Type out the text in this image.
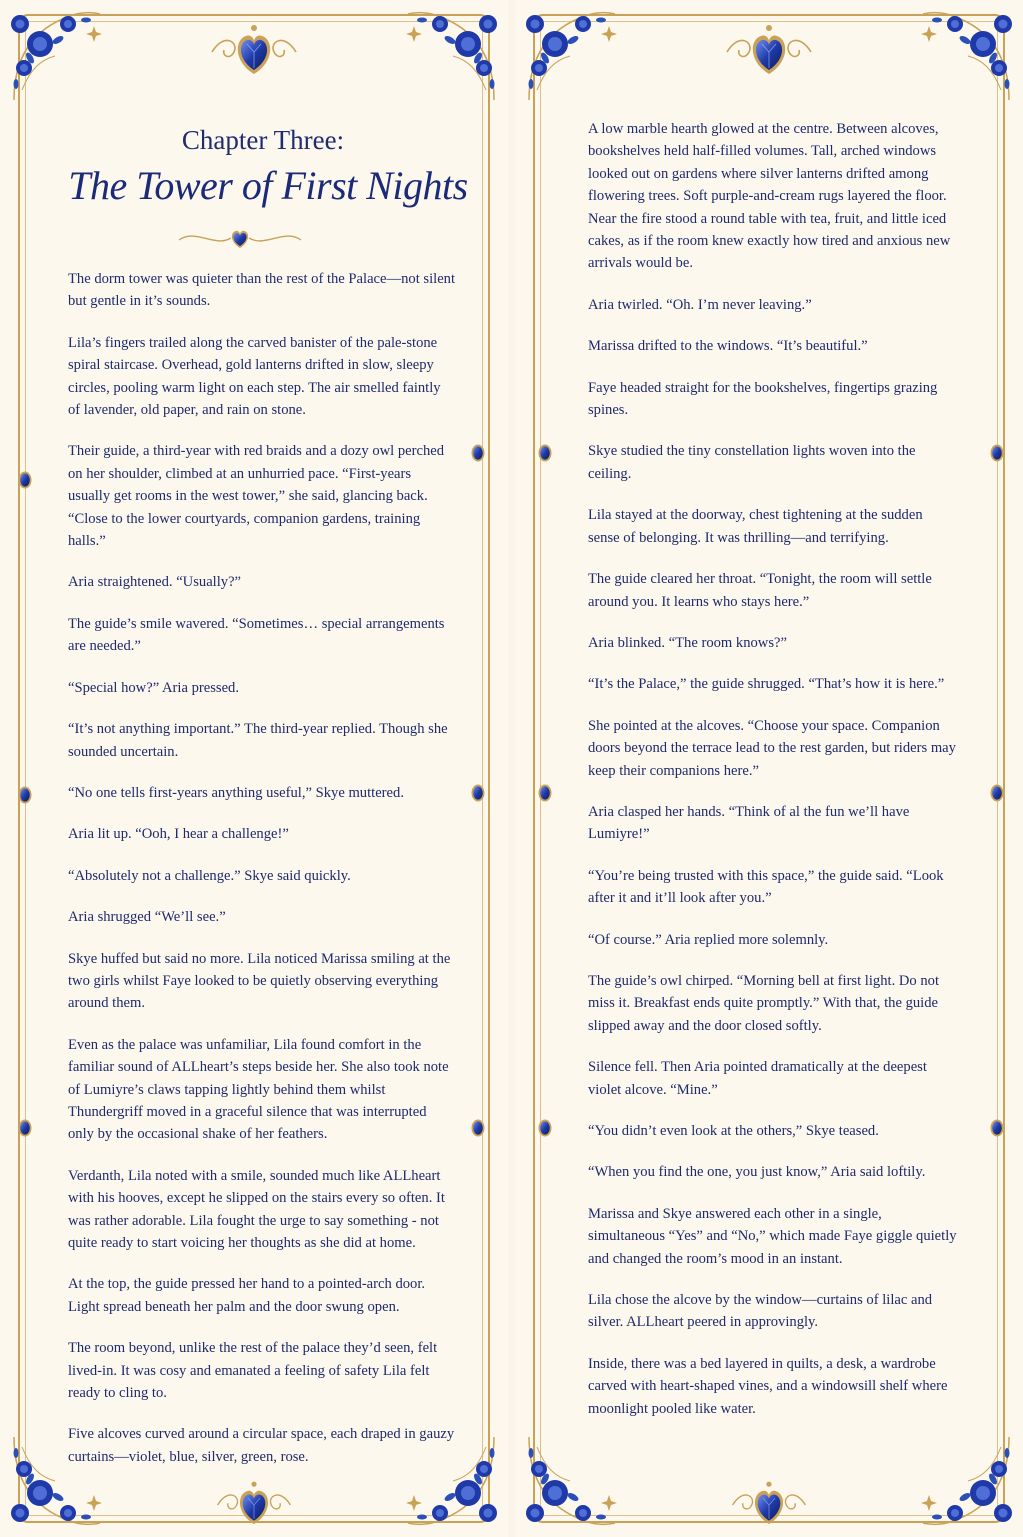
Chapter Three:
The Tower of First Nights

The dorm tower was quieter than the rest of the Palace—not silent but gentle in it’s sounds.

Lila’s fingers trailed along the carved banister of the pale-stone spiral staircase. Overhead, gold lanterns drifted in slow, sleepy circles, pooling warm light on each step. The air smelled faintly of lavender, old paper, and rain on stone.

Their guide, a third-year with red braids and a dozy owl perched on her shoulder, climbed at an unhurried pace. “First-years usually get rooms in the west tower,” she said, glancing back. “Close to the lower courtyards, companion gardens, training halls.”

Aria straightened. “Usually?”

The guide’s smile wavered. “Sometimes… special arrangements are needed.”

“Special how?” Aria pressed.

“It’s not anything important.” The third-year replied. Though she sounded uncertain.

“No one tells first-years anything useful,” Skye muttered.

Aria lit up. “Ooh, I hear a challenge!”

“Absolutely not a challenge.” Skye said quickly.

Aria shrugged “We’ll see.”

Skye huffed but said no more. Lila noticed Marissa smiling at the two girls whilst Faye looked to be quietly observing everything around them.

Even as the palace was unfamiliar, Lila found comfort in the familiar sound of ALLheart’s steps beside her. She also took note of Lumiyre’s claws tapping lightly behind them whilst Thundergriff moved in a graceful silence that was interrupted only by the occasional shake of her feathers.

Verdanth, Lila noted with a smile, sounded much like ALLheart with his hooves, except he slipped on the stairs every so often. It was rather adorable. Lila fought the urge to say something - not quite ready to start voicing her thoughts as she did at home.

At the top, the guide pressed her hand to a pointed-arch door. Light spread beneath her palm and the door swung open.

The room beyond, unlike the rest of the palace they’d seen, felt lived-in. It was cosy and emanated a feeling of safety Lila felt ready to cling to.

Five alcoves curved around a circular space, each draped in gauzy curtains—violet, blue, silver, green, rose.

A low marble hearth glowed at the centre. Between alcoves, bookshelves held half-filled volumes. Tall, arched windows looked out on gardens where silver lanterns drifted among flowering trees. Soft purple-and-cream rugs layered the floor. Near the fire stood a round table with tea, fruit, and little iced cakes, as if the room knew exactly how tired and anxious new arrivals would be.

Aria twirled. “Oh. I’m never leaving.”

Marissa drifted to the windows. “It’s beautiful.”

Faye headed straight for the bookshelves, fingertips grazing spines.

Skye studied the tiny constellation lights woven into the ceiling.

Lila stayed at the doorway, chest tightening at the sudden sense of belonging. It was thrilling—and terrifying.

The guide cleared her throat. “Tonight, the room will settle around you. It learns who stays here.”

Aria blinked. “The room knows?”

“It’s the Palace,” the guide shrugged. “That’s how it is here.”

She pointed at the alcoves. “Choose your space. Companion doors beyond the terrace lead to the rest garden, but riders may keep their companions here.”

Aria clasped her hands. “Think of al the fun we’ll have Lumiyre!”

“You’re being trusted with this space,” the guide said. “Look after it and it’ll look after you.”

“Of course.” Aria replied more solemnly.

The guide’s owl chirped. “Morning bell at first light. Do not miss it. Breakfast ends quite promptly.” With that, the guide slipped away and the door closed softly.

Silence fell. Then Aria pointed dramatically at the deepest violet alcove. “Mine.”

“You didn’t even look at the others,” Skye teased.

“When you find the one, you just know,” Aria said loftily.

Marissa and Skye answered each other in a single, simultaneous “Yes” and “No,” which made Faye giggle quietly and changed the room’s mood in an instant.

Lila chose the alcove by the window—curtains of lilac and silver. ALLheart peered in approvingly.

Inside, there was a bed layered in quilts, a desk, a wardrobe carved with heart-shaped vines, and a windowsill shelf where moonlight pooled like water.
